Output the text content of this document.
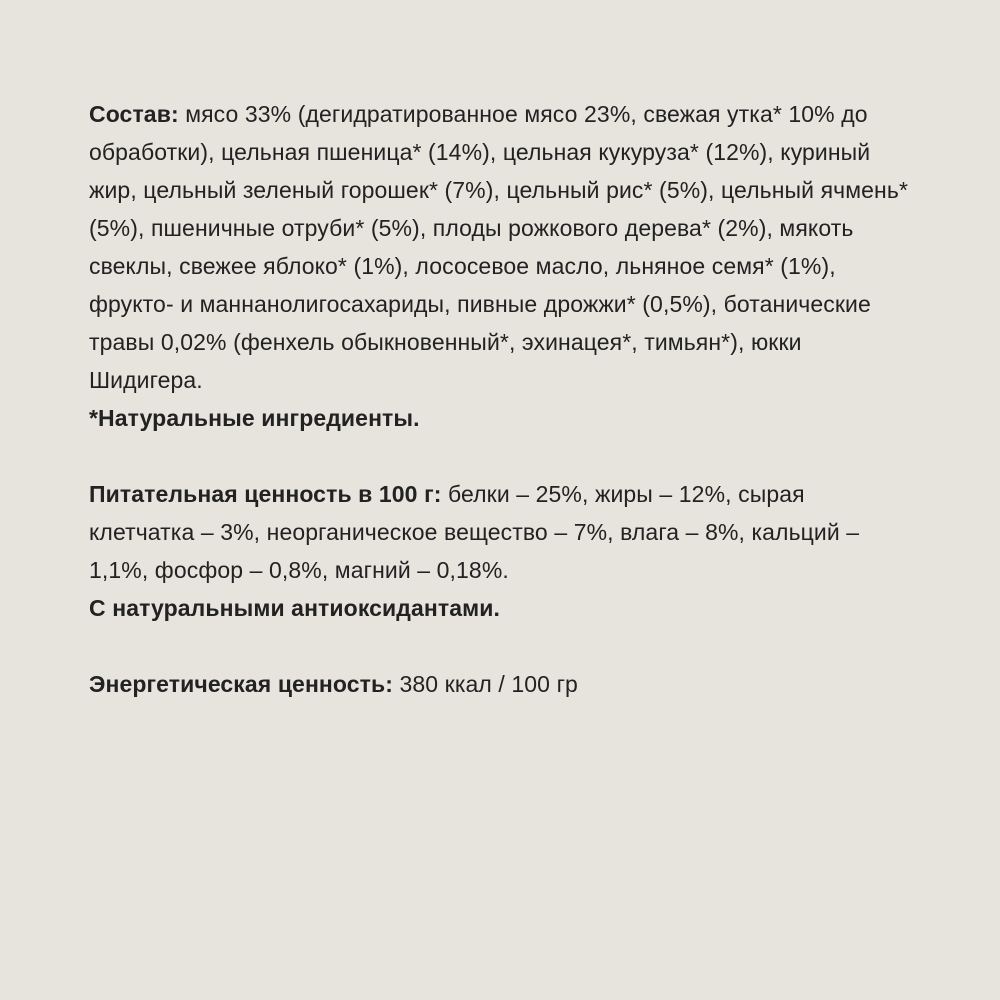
Состав: мясо 33% (дегидратированное мясо 23%, свежая утка* 10% до обработки), цельная пшеница* (14%), цельная кукуруза* (12%), куриный жир, цельный зеленый горошек* (7%), цельный рис* (5%), цельный ячмень* (5%), пшеничные отруби* (5%), плоды рожкового дерева* (2%), мякоть свеклы, свежее яблоко* (1%), лососевое масло, льняное семя* (1%), фрукто- и маннанолигосахариды, пивные дрожжи* (0,5%), ботанические травы 0,02% (фенхель обыкновенный*, эхинацея*, тимьян*), юкки Шидигера.
*Натуральные ингредиенты.

Питательная ценность в 100 г: белки – 25%, жиры – 12%, сырая клетчатка – 3%, неорганическое вещество – 7%, влага – 8%, кальций – 1,1%, фосфор – 0,8%, магний – 0,18%.
С натуральными антиоксидантами.

Энергетическая ценность: 380 ккал / 100 гр
